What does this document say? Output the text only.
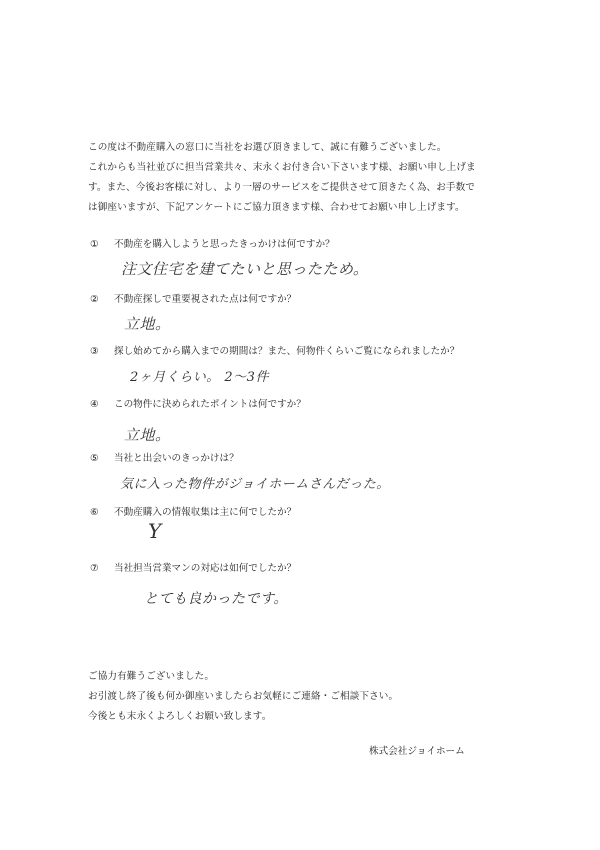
この度は不動産購入の窓口に当社をお選び頂きまして、誠に有難うございました。
これからも当社並びに担当営業共々、末永くお付き合い下さいます様、お願い申し上げま
す。また、今後お客様に対し、より一層のサービスをご提供させて頂きたく為、お手数で
は御座いますが、下記アンケートにご協力頂きます様、合わせてお願い申し上げます。
① 不動産を購入しようと思ったきっかけは何ですか？
注文住宅を建てたいと思ったため。
② 不動産探しで重要視された点は何ですか？
立地。
③ 探し始めてから購入までの期間は？また、何物件くらいご覧になられましたか？
2ヶ月くらい。 2～3件
④ この物件に決められたポイントは何ですか？
立地。
⑤ 当社と出会いのきっかけは？
気に入った物件がジョイホームさんだった。
⑥ 不動産購入の情報収集は主に何でしたか？
Y
⑦ 当社担当営業マンの対応は如何でしたか？
とても良かったです。
ご協力有難うございました。
お引渡し終了後も何か御座いましたらお気軽にご連絡・ご相談下さい。
今後とも末永くよろしくお願い致します。
株式会社ジョイホーム
